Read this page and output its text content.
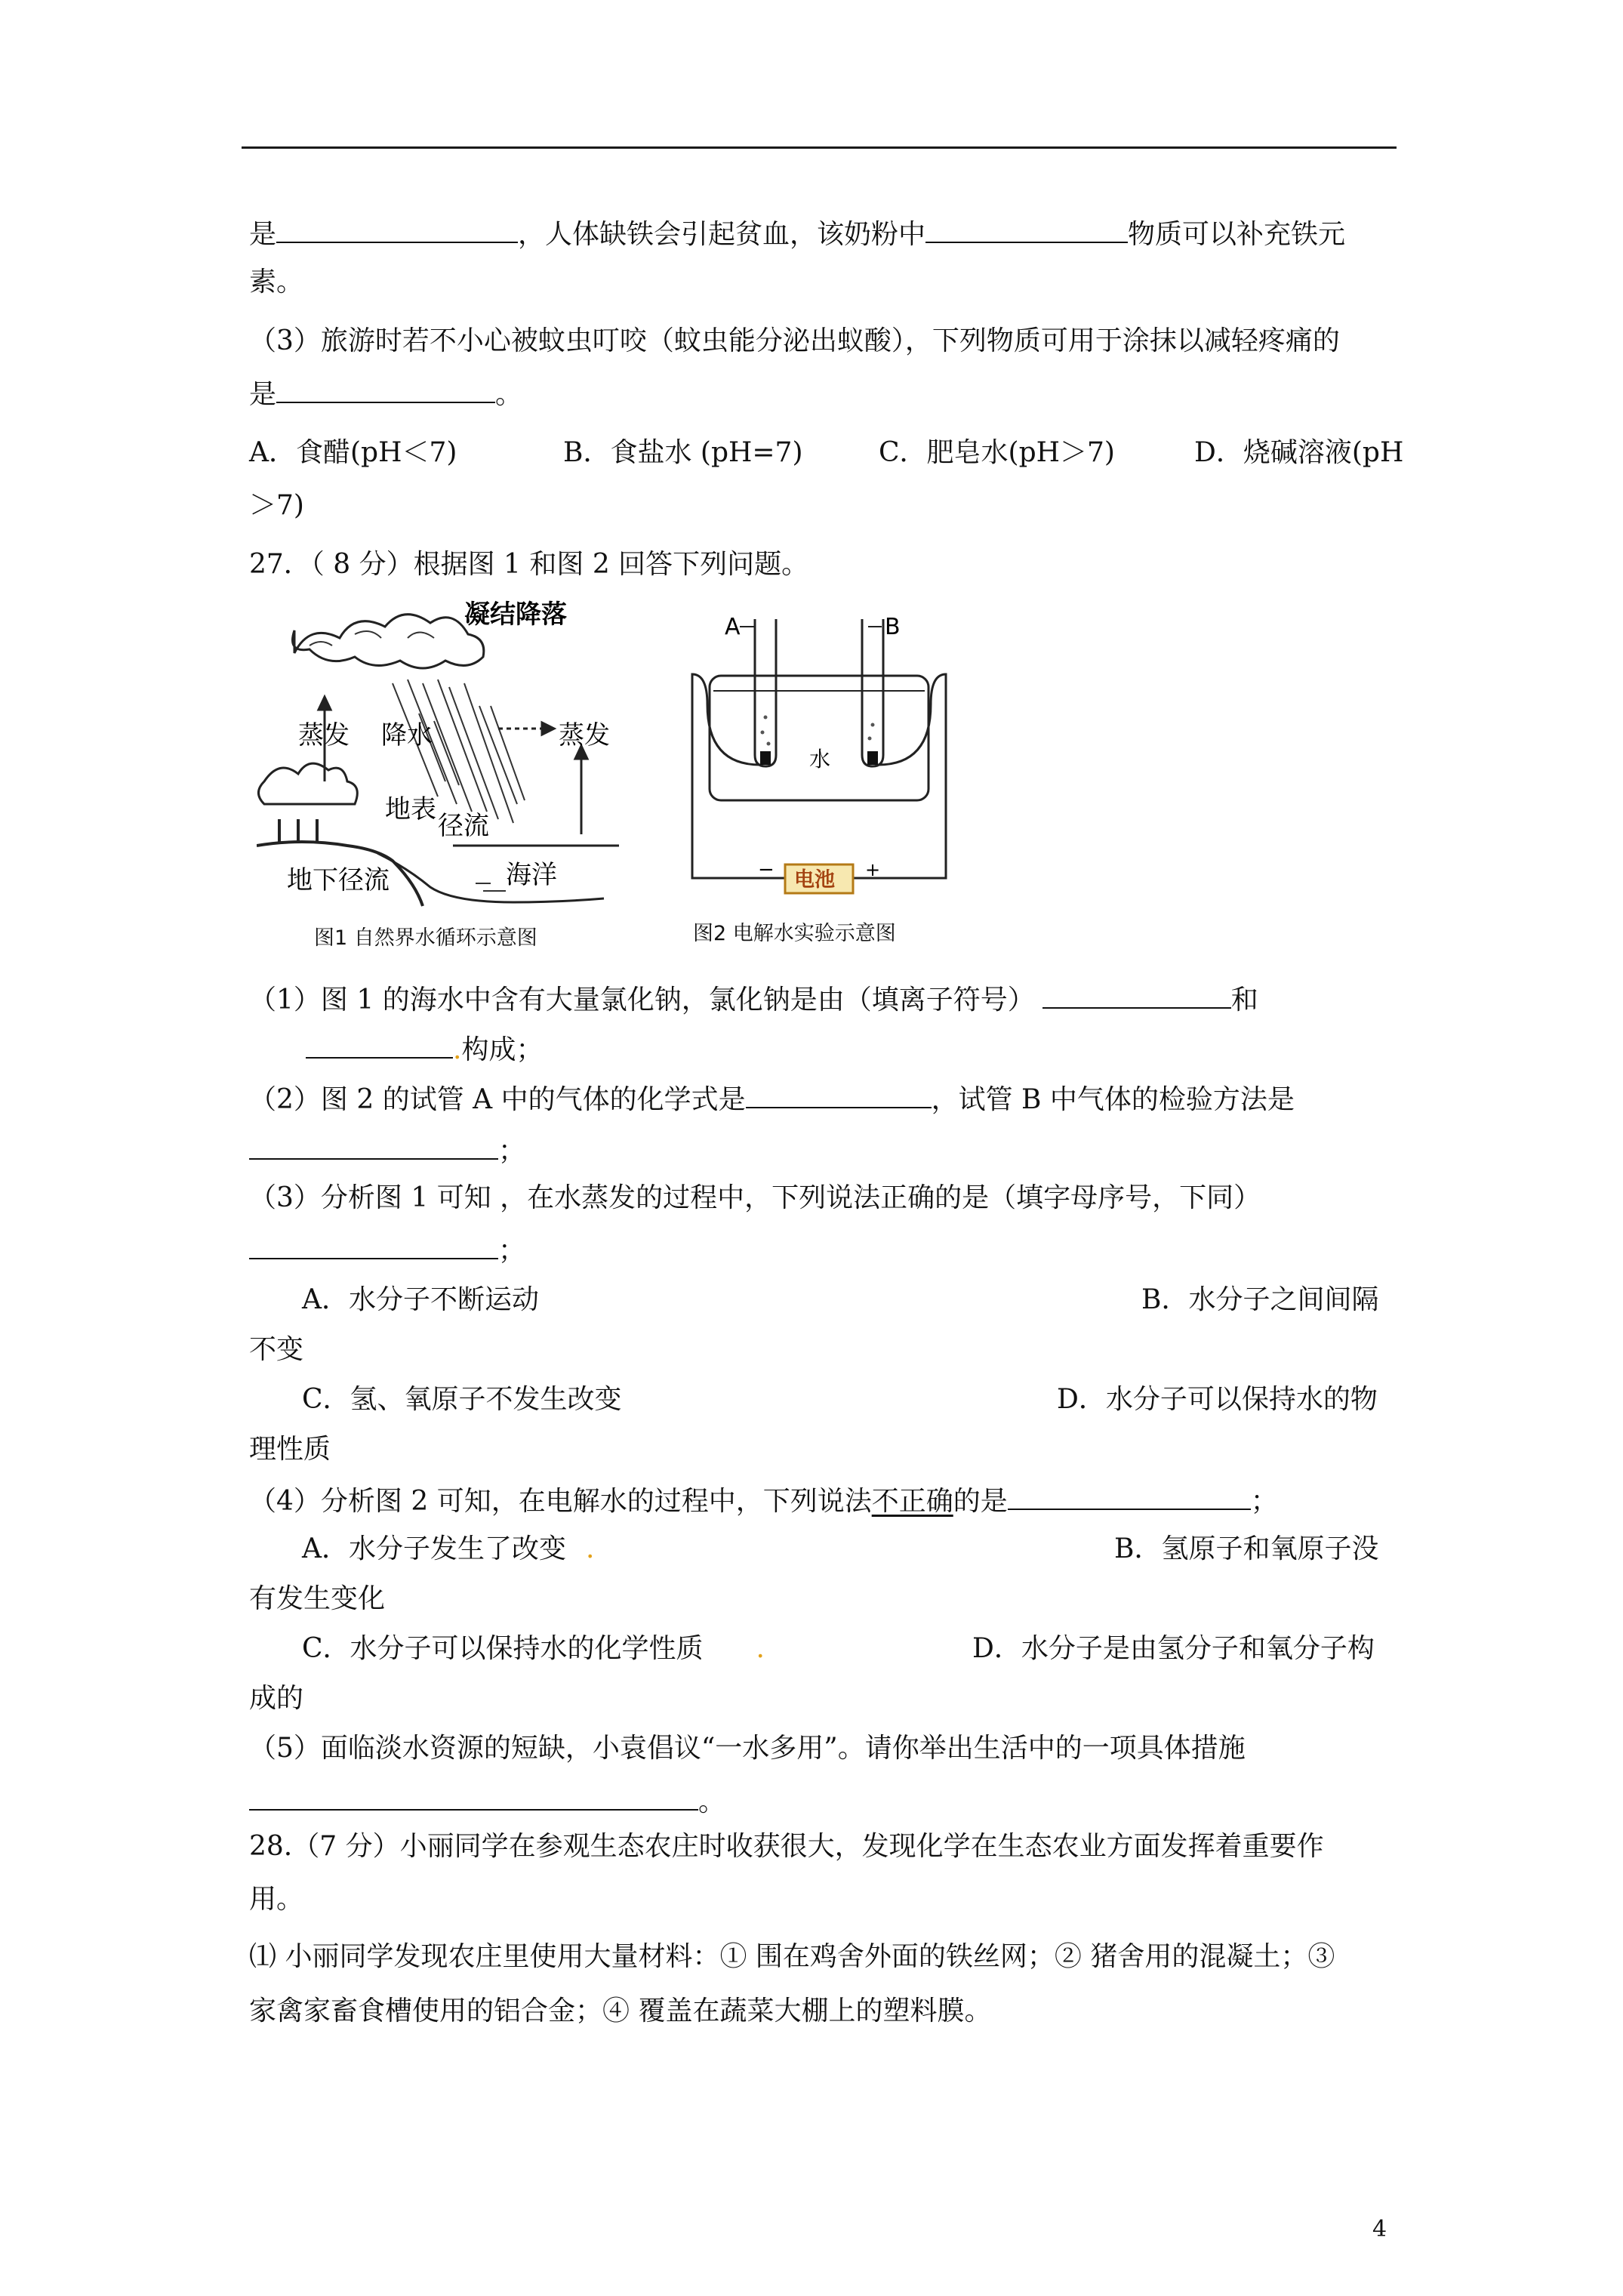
是	，人体缺铁会引起贫血，该奶粉中	物质可以补充铁元
素。
（3）旅游时若不小心被蚊虫叮咬（蚊虫能分泌出蚁酸），下列物质可用于涂抹以减轻疼痛的
是	。
A．食醋(pH＜7)	B．食盐水 (pH=7)	C．肥皂水(pH＞7)	D．烧碱溶液(pH
＞7)
27．（ 8 分）根据图 1 和图 2 回答下列问题。
凝结降落
蒸发 降水	蒸发
地表
径流
地下径流	海洋
图1 自然界水循环示意图
A	B
水
电池
−	+
图2 电解水实验示意图
（1）图 1 的海水中含有大量氯化钠，氯化钠是由（填离子符号）	和
.构成；
（2）图 2 的试管 A 中的气体的化学式是	，试管 B 中气体的检验方法是
；
（3）分析图 1 可知 ，在水蒸发的过程中，下列说法正确的是（填字母序号，下同）
；
A．水分子不断运动	B．水分子之间间隔
不变
C．氢、氧原子不发生改变	D．水分子可以保持水的物
理性质
（4）分析图 2 可知，在电解水的过程中，下列说法不正确的是	；
A．水分子发生了改变 .	B．氢原子和氧原子没
有发生变化
C．水分子可以保持水的化学性质 .	D．水分子是由氢分子和氧分子构
成的
（5）面临淡水资源的短缺，小袁倡议“一水多用”。请你举出生活中的一项具体措施
。
28.（7 分）小丽同学在参观生态农庄时收获很大，发现化学在生态农业方面发挥着重要作
用。
⑴ 小丽同学发现农庄里使用大量材料：① 围在鸡舍外面的铁丝网；② 猪舍用的混凝土；③
家禽家畜食槽使用的铝合金；④ 覆盖在蔬菜大棚上的塑料膜。
4
